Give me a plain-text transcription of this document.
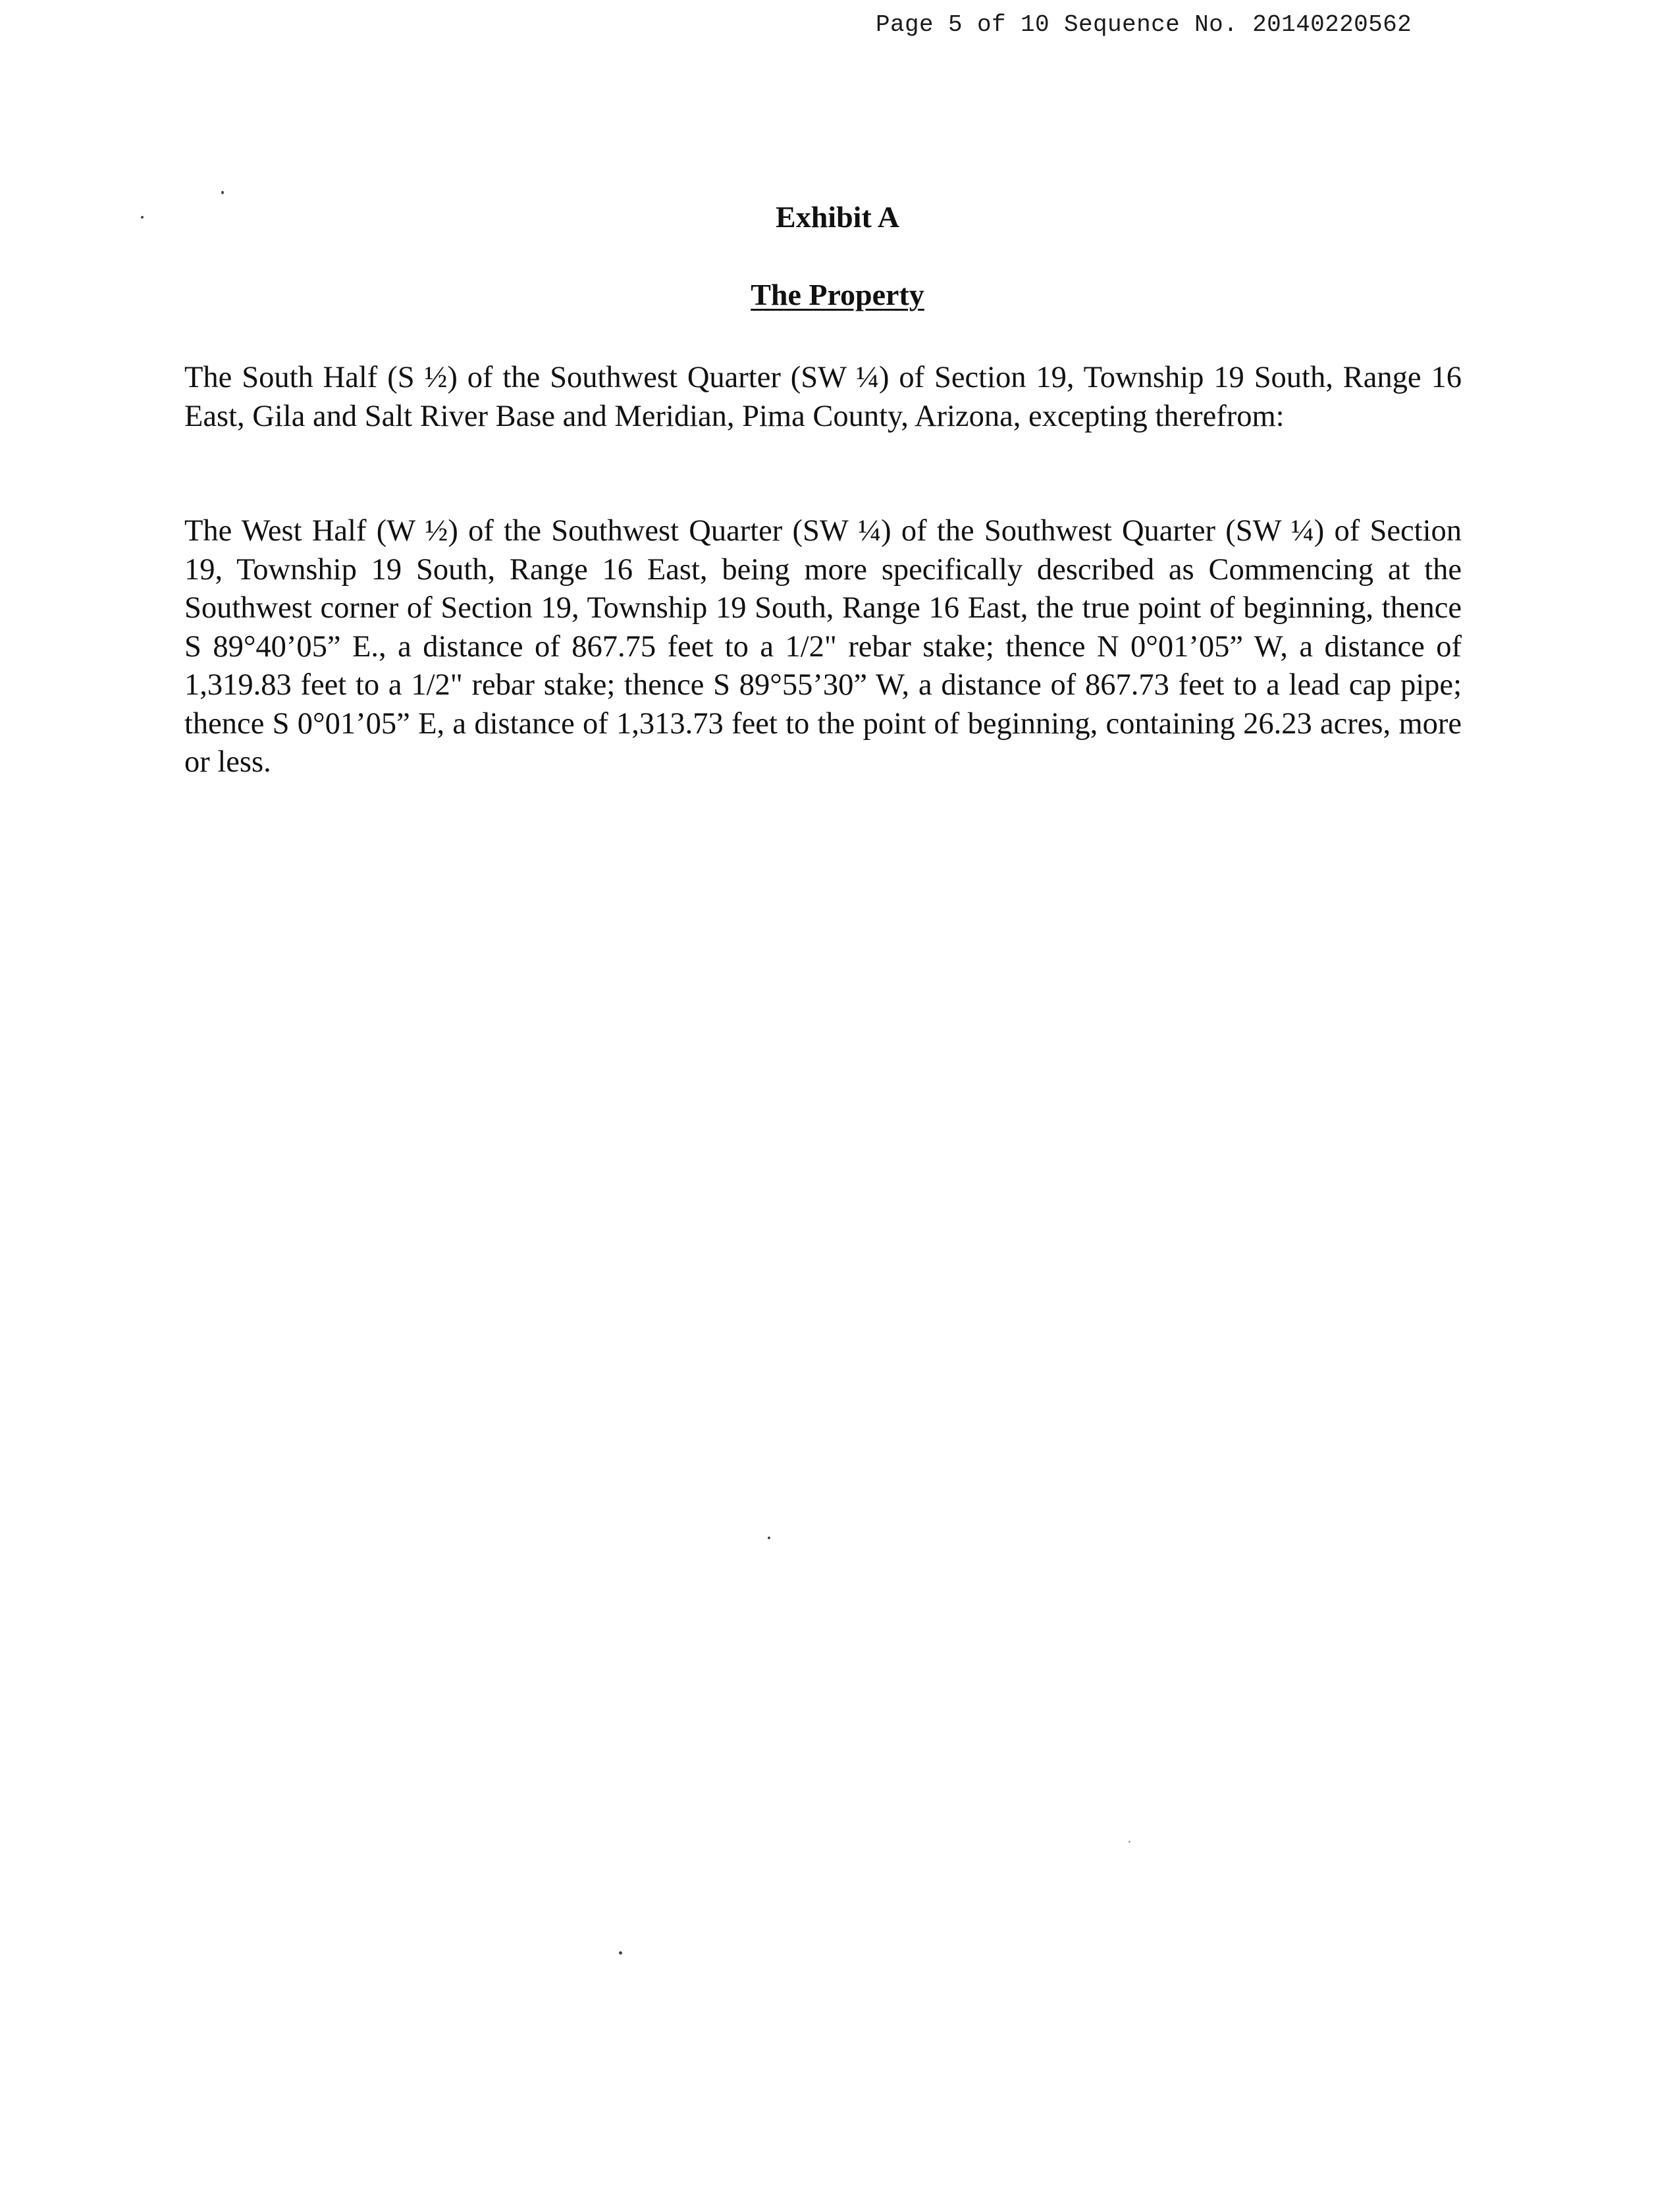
Page 5 of 10 Sequence No. 20140220562
Exhibit A
The Property

The South Half (S ½) of the Southwest Quarter (SW ¼) of Section 19, Township 19 South, Range 16 East, Gila and Salt River Base and Meridian, Pima County, Arizona, excepting therefrom:

The West Half (W ½) of the Southwest Quarter (SW ¼) of the Southwest Quarter (SW ¼) of Section 19, Township 19 South, Range 16 East, being more specifically described as Commencing at the Southwest corner of Section 19, Township 19 South, Range 16 East, the true point of beginning, thence S 89°40’05” E., a distance of 867.75 feet to a 1/2" rebar stake; thence N 0°01’05” W, a distance of 1,319.83 feet to a 1/2" rebar stake; thence S 89°55’30” W, a distance of 867.73 feet to a lead cap pipe; thence S 0°01’05” E, a distance of 1,313.73 feet to the point of beginning, containing 26.23 acres, more or less.
